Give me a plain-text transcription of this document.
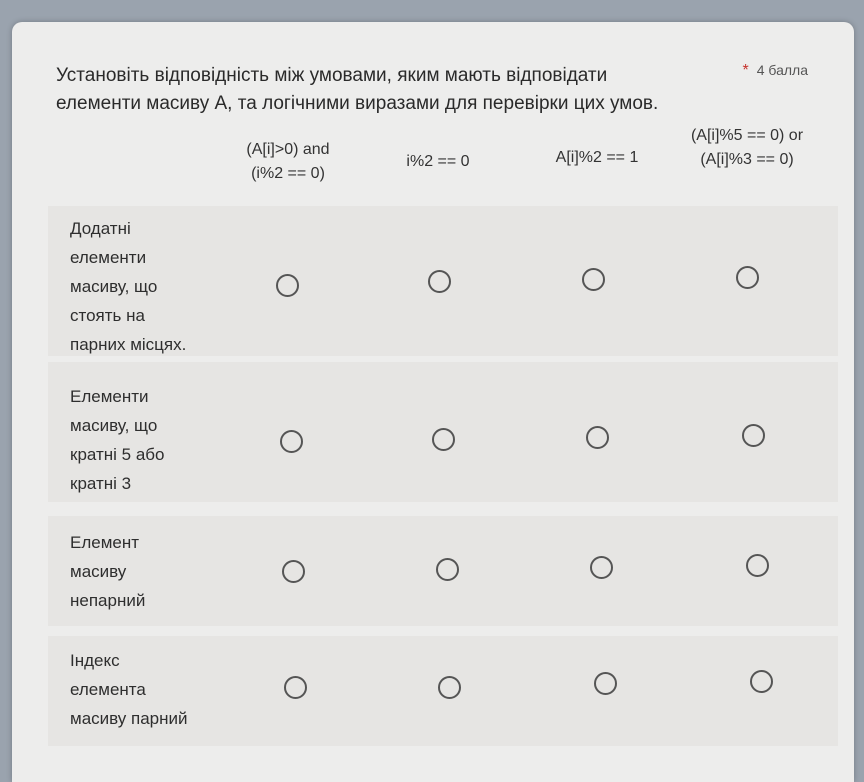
Установіть відповідність між умовами, яким мають відповідати
елементи масиву A, та логічними виразами для перевірки цих умов.
* 4 балла
(A[i]>0) and
(i%2 == 0)
i%2 == 0	A[i]%2 == 1
(A[i]%5 == 0) or
(A[i]%3 == 0)
Додатні
елементи
масиву, що
стоять на
парних місцях.
Елементи
масиву, що
кратні 5 або
кратні 3
Елемент
масиву
непарний
Індекс
елемента
масиву парний
